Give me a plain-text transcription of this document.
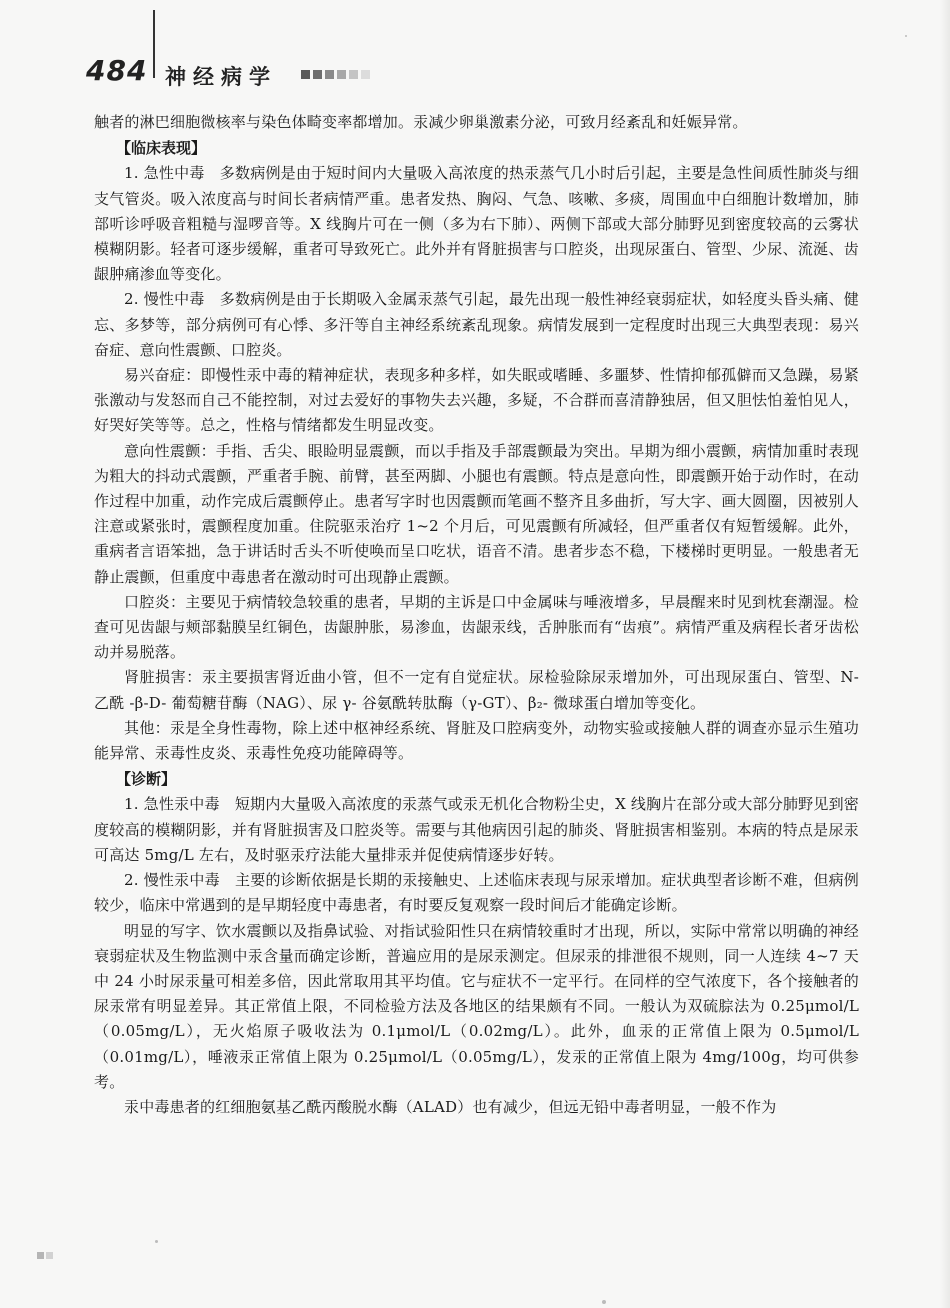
484 神经病学

触者的淋巴细胞微核率与染色体畸变率都增加。汞减少卵巢激素分泌，可致月经紊乱和妊娠异常。

【临床表现】

1. 急性中毒　多数病例是由于短时间内大量吸入高浓度的热汞蒸气几小时后引起，主要是急性间质性肺炎与细支气管炎。吸入浓度高与时间长者病情严重。患者发热、胸闷、气急、咳嗽、多痰，周围血中白细胞计数增加，肺部听诊呼吸音粗糙与湿啰音等。X 线胸片可在一侧（多为右下肺）、两侧下部或大部分肺野见到密度较高的云雾状模糊阴影。轻者可逐步缓解，重者可导致死亡。此外并有肾脏损害与口腔炎，出现尿蛋白、管型、少尿、流涎、齿龈肿痛渗血等变化。

2. 慢性中毒　多数病例是由于长期吸入金属汞蒸气引起，最先出现一般性神经衰弱症状，如轻度头昏头痛、健忘、多梦等，部分病例可有心悸、多汗等自主神经系统紊乱现象。病情发展到一定程度时出现三大典型表现：易兴奋症、意向性震颤、口腔炎。

易兴奋症：即慢性汞中毒的精神症状，表现多种多样，如失眠或嗜睡、多噩梦、性情抑郁孤僻而又急躁，易紧张激动与发怒而自己不能控制，对过去爱好的事物失去兴趣，多疑，不合群而喜清静独居，但又胆怯怕羞怕见人，好哭好笑等等。总之，性格与情绪都发生明显改变。

意向性震颤：手指、舌尖、眼睑明显震颤，而以手指及手部震颤最为突出。早期为细小震颤，病情加重时表现为粗大的抖动式震颤，严重者手腕、前臂，甚至两脚、小腿也有震颤。特点是意向性，即震颤开始于动作时，在动作过程中加重，动作完成后震颤停止。患者写字时也因震颤而笔画不整齐且多曲折，写大字、画大圆圈，因被别人注意或紧张时，震颤程度加重。住院驱汞治疗 1~2 个月后，可见震颤有所减轻，但严重者仅有短暂缓解。此外，重病者言语笨拙，急于讲话时舌头不听使唤而呈口吃状，语音不清。患者步态不稳，下楼梯时更明显。一般患者无静止震颤，但重度中毒患者在激动时可出现静止震颤。

口腔炎：主要见于病情较急较重的患者，早期的主诉是口中金属味与唾液增多，早晨醒来时见到枕套潮湿。检查可见齿龈与颊部黏膜呈红铜色，齿龈肿胀，易渗血，齿龈汞线，舌肿胀而有“齿痕”。病情严重及病程长者牙齿松动并易脱落。

肾脏损害：汞主要损害肾近曲小管，但不一定有自觉症状。尿检验除尿汞增加外，可出现尿蛋白、管型、N- 乙酰 -β-D- 葡萄糖苷酶（NAG）、尿 γ- 谷氨酰转肽酶（γ-GT）、β₂- 微球蛋白增加等变化。

其他：汞是全身性毒物，除上述中枢神经系统、肾脏及口腔病变外，动物实验或接触人群的调查亦显示生殖功能异常、汞毒性皮炎、汞毒性免疫功能障碍等。

【诊断】

1. 急性汞中毒　短期内大量吸入高浓度的汞蒸气或汞无机化合物粉尘史，X 线胸片在部分或大部分肺野见到密度较高的模糊阴影，并有肾脏损害及口腔炎等。需要与其他病因引起的肺炎、肾脏损害相鉴别。本病的特点是尿汞可高达 5mg/L 左右，及时驱汞疗法能大量排汞并促使病情逐步好转。

2. 慢性汞中毒　主要的诊断依据是长期的汞接触史、上述临床表现与尿汞增加。症状典型者诊断不难，但病例较少，临床中常遇到的是早期轻度中毒患者，有时要反复观察一段时间后才能确定诊断。

明显的写字、饮水震颤以及指鼻试验、对指试验阳性只在病情较重时才出现，所以，实际中常常以明确的神经衰弱症状及生物监测中汞含量而确定诊断，普遍应用的是尿汞测定。但尿汞的排泄很不规则，同一人连续 4~7 天中 24 小时尿汞量可相差多倍，因此常取用其平均值。它与症状不一定平行。在同样的空气浓度下，各个接触者的尿汞常有明显差异。其正常值上限，不同检验方法及各地区的结果颇有不同。一般认为双硫腙法为 0.25μmol/L（0.05mg/L），无火焰原子吸收法为 0.1μmol/L（0.02mg/L）。此外，血汞的正常值上限为 0.5μmol/L（0.01mg/L），唾液汞正常值上限为 0.25μmol/L（0.05mg/L），发汞的正常值上限为 4mg/100g，均可供参考。

汞中毒患者的红细胞氨基乙酰丙酸脱水酶（ALAD）也有减少，但远无铅中毒者明显，一般不作为
